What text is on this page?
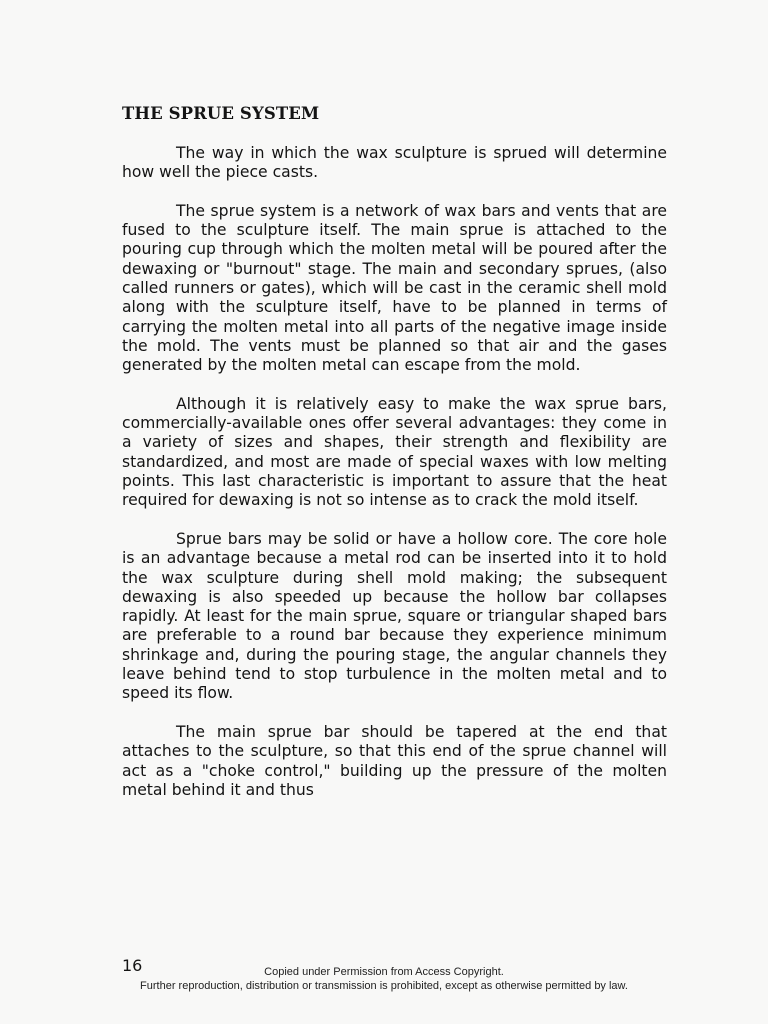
THE SPRUE SYSTEM

The way in which the wax sculpture is sprued will determine how well the piece casts.

The sprue system is a network of wax bars and vents that are fused to the sculpture itself. The main sprue is attached to the pouring cup through which the molten metal will be poured after the dewaxing or "burnout" stage. The main and secondary sprues, (also called runners or gates), which will be cast in the ceramic shell mold along with the sculpture itself, have to be planned in terms of carrying the molten metal into all parts of the negative image inside the mold. The vents must be planned so that air and the gases generated by the molten metal can escape from the mold.

Although it is relatively easy to make the wax sprue bars, commercially-available ones offer several advantages: they come in a variety of sizes and shapes, their strength and flexibility are standardized, and most are made of special waxes with low melting points. This last characteristic is important to assure that the heat required for dewaxing is not so intense as to crack the mold itself.

Sprue bars may be solid or have a hollow core. The core hole is an advantage because a metal rod can be inserted into it to hold the wax sculpture during shell mold making; the subsequent dewaxing is also speeded up because the hollow bar collapses rapidly. At least for the main sprue, square or triangular shaped bars are preferable to a round bar because they experience minimum shrinkage and, during the pouring stage, the angular channels they leave behind tend to stop turbulence in the molten metal and to speed its flow.

The main sprue bar should be tapered at the end that attaches to the sculpture, so that this end of the sprue channel will act as a "choke control," building up the pressure of the molten metal behind it and thus

16	Copied under Permission from Access Copyright.
Further reproduction, distribution or transmission is prohibited, except as otherwise permitted by law.
